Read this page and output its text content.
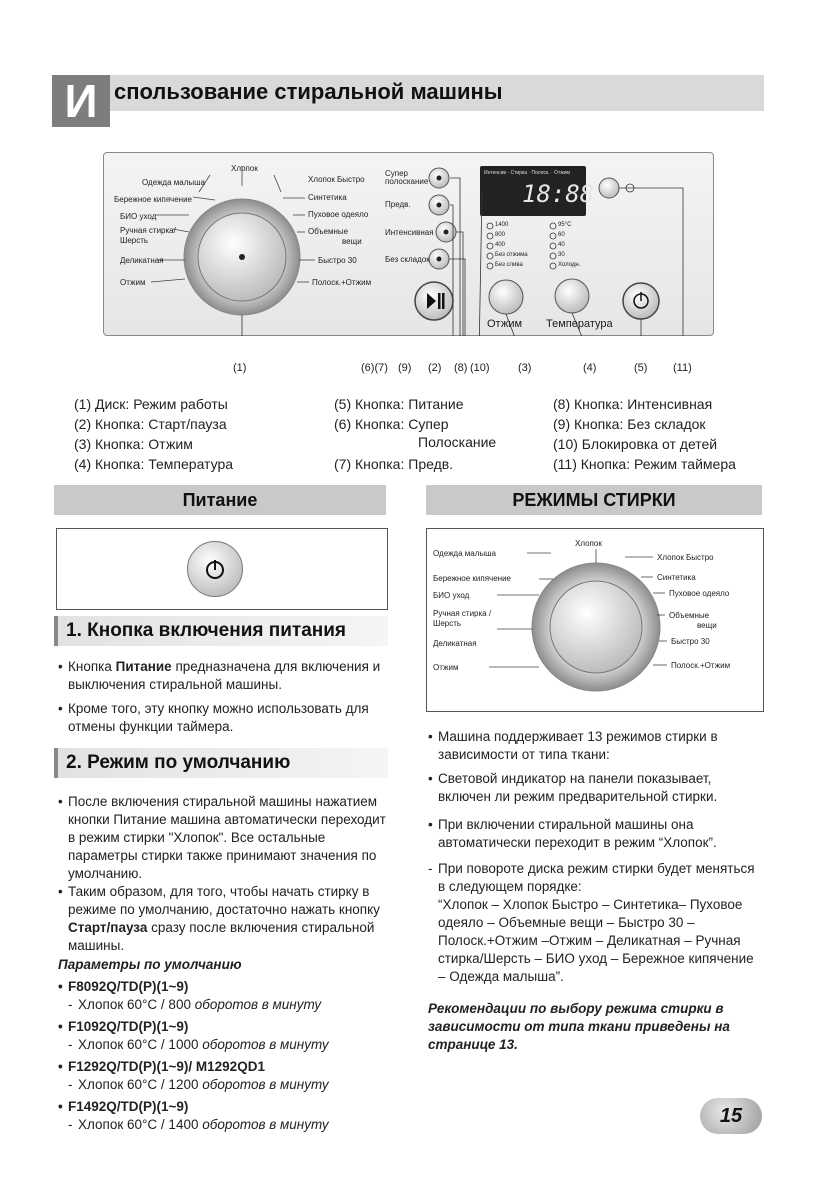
И спользование стиральной машины
Хлопок
Одежда малыша
Бережное кипячение
БИО уход
Ручная стирка/
Шерсть
Деликатная
Отжим
Хлопок Быстро
Синтетика
Пуховое одеяло
Объемные
вещи
Быстро 30
Полоск.+Отжим
Супер полоскание
Предв.
Интенсивная
Без складок
Интенсив · Стирка · Полоск. · Отжим
18:88
1400
800
400
Без отжима
Без слива
95°C
60
40
30
Холодн.
Отжим Температура
(1)	(6)(7) (9) (2) (8) (10)	(3)	(4)	(5) (11)
(1) Диск: Режим работы
(2) Кнопка: Старт/пауза
(3) Кнопка: Отжим
(4) Кнопка: Температура
(5) Кнопка: Питание
(6) Кнопка: Супер
Полоскание
(7) Кнопка: Предв.
(8) Кнопка: Интенсивная
(9) Кнопка: Без складок
(10) Блокировка от детей
(11) Кнопка: Режим таймера
Питание
1. Кнопка включения питания
• Кнопка Питание предназначена для включения и выключения стиральной машины.
• Кроме того, эту кнопку можно использовать для отмены функции таймера.
2. Режим по умолчанию
• После включения стиральной машины нажатием кнопки Питание машина автоматически переходит в режим стирки "Хлопок". Все остальные параметры стирки также принимают значения по умолчанию.
• Таким образом, для того, чтобы начать стирку в режиме по умолчанию, достаточно нажать кнопку Старт/пауза сразу после включения стиральной машины.
Параметры по умолчанию
• F8092Q/TD(P)(1~9)
- Хлопок 60°C / 800 оборотов в минуту
• F1092Q/TD(P)(1~9)
- Хлопок 60°C / 1000 оборотов в минуту
• F1292Q/TD(P)(1~9)/ M1292QD1
- Хлопок 60°C / 1200 оборотов в минуту
• F1492Q/TD(P)(1~9)
- Хлопок 60°C / 1400 оборотов в минуту
РЕЖИМЫ СТИРКИ
Хлопок
Одежда малыша
Бережное кипячение
БИО уход
Ручная стирка /
Шерсть
Деликатная
Отжим
Хлопок Быстро
Синтетика
Пуховое одеяло
Объемные
вещи
Быстро 30
Полоск.+Отжим
• Машина поддерживает 13 режимов стирки в зависимости от типа ткани:
• Световой индикатор на панели показывает, включен ли режим предварительной стирки.
• При включении стиральной машины она автоматически переходит в режим “Хлопок”.
- При повороте диска режим стирки будет меняться в следующем порядке:
“Хлопок – Хлопок Быстро – Синтетика– Пуховое одеяло – Объемные вещи – Быстро 30 – Полоск.+Отжим –Отжим – Деликатная – Ручная стирка/Шерсть – БИО уход – Бережное кипячение – Одежда малыша”.
Рекомендации по выбору режима стирки в зависимости от типа ткани приведены на странице 13.
15
